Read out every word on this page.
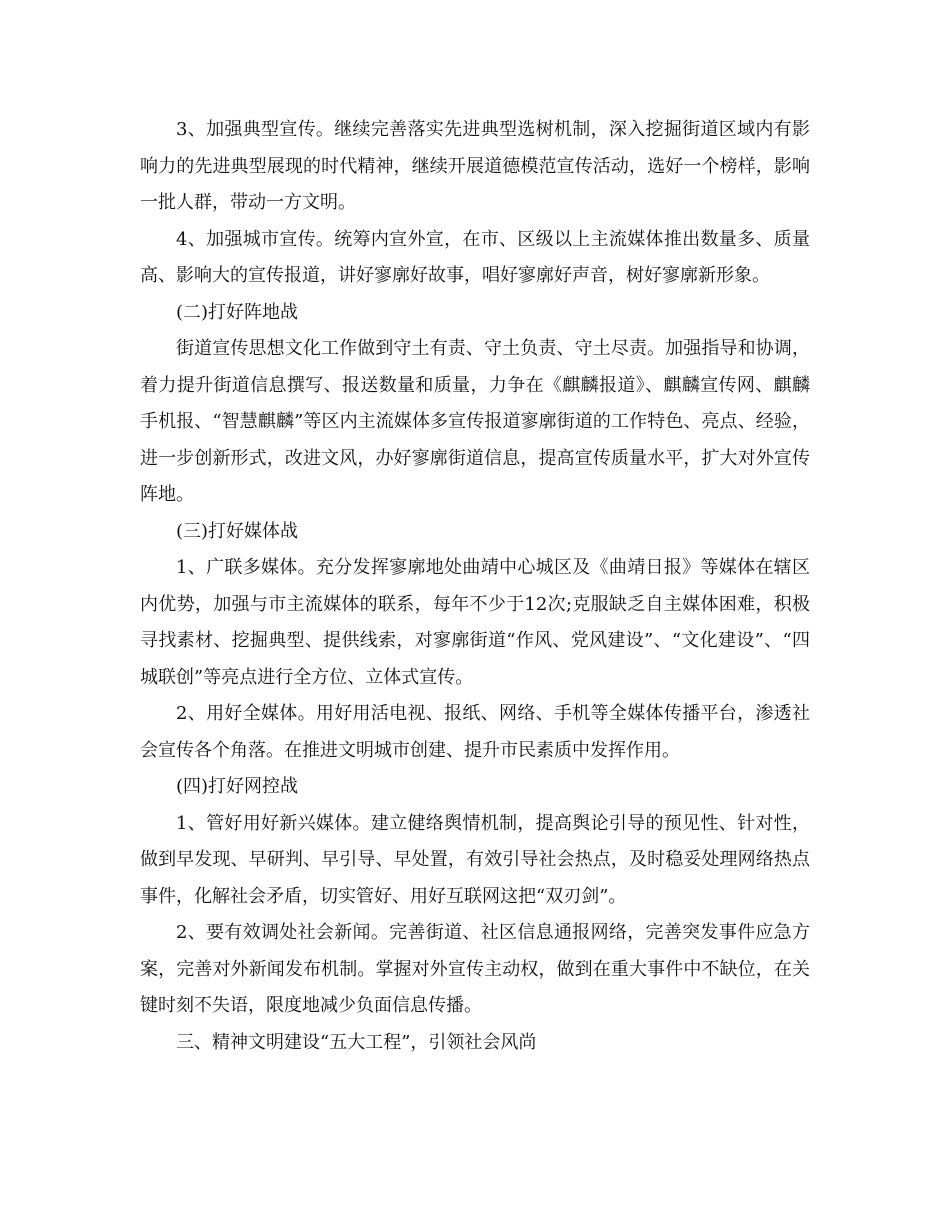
3、加强典型宣传。继续完善落实先进典型选树机制，深入挖掘街道区域内有影响力的先进典型展现的时代精神，继续开展道德模范宣传活动，选好一个榜样，影响一批人群，带动一方文明。

4、加强城市宣传。统筹内宣外宣，在市、区级以上主流媒体推出数量多、质量高、影响大的宣传报道，讲好寥廓好故事，唱好寥廓好声音，树好寥廓新形象。

(二)打好阵地战

街道宣传思想文化工作做到守土有责、守土负责、守土尽责。加强指导和协调，着力提升街道信息撰写、报送数量和质量，力争在《麒麟报道》、麒麟宣传网、麒麟手机报、“智慧麒麟”等区内主流媒体多宣传报道寥廓街道的工作特色、亮点、经验，进一步创新形式，改进文风，办好寥廓街道信息，提高宣传质量水平，扩大对外宣传阵地。

(三)打好媒体战

1、广联多媒体。充分发挥寥廓地处曲靖中心城区及《曲靖日报》等媒体在辖区内优势，加强与市主流媒体的联系，每年不少于12次;克服缺乏自主媒体困难，积极寻找素材、挖掘典型、提供线索，对寥廓街道“作风、党风建设”、“文化建设”、“四城联创”等亮点进行全方位、立体式宣传。

2、用好全媒体。用好用活电视、报纸、网络、手机等全媒体传播平台，渗透社会宣传各个角落。在推进文明城市创建、提升市民素质中发挥作用。

(四)打好网控战

1、管好用好新兴媒体。建立健络舆情机制，提高舆论引导的预见性、针对性，做到早发现、早研判、早引导、早处置，有效引导社会热点，及时稳妥处理网络热点事件，化解社会矛盾，切实管好、用好互联网这把“双刃剑”。

2、要有效调处社会新闻。完善街道、社区信息通报网络，完善突发事件应急方案，完善对外新闻发布机制。掌握对外宣传主动权，做到在重大事件中不缺位，在关键时刻不失语，限度地减少负面信息传播。

三、精神文明建设“五大工程”，引领社会风尚
